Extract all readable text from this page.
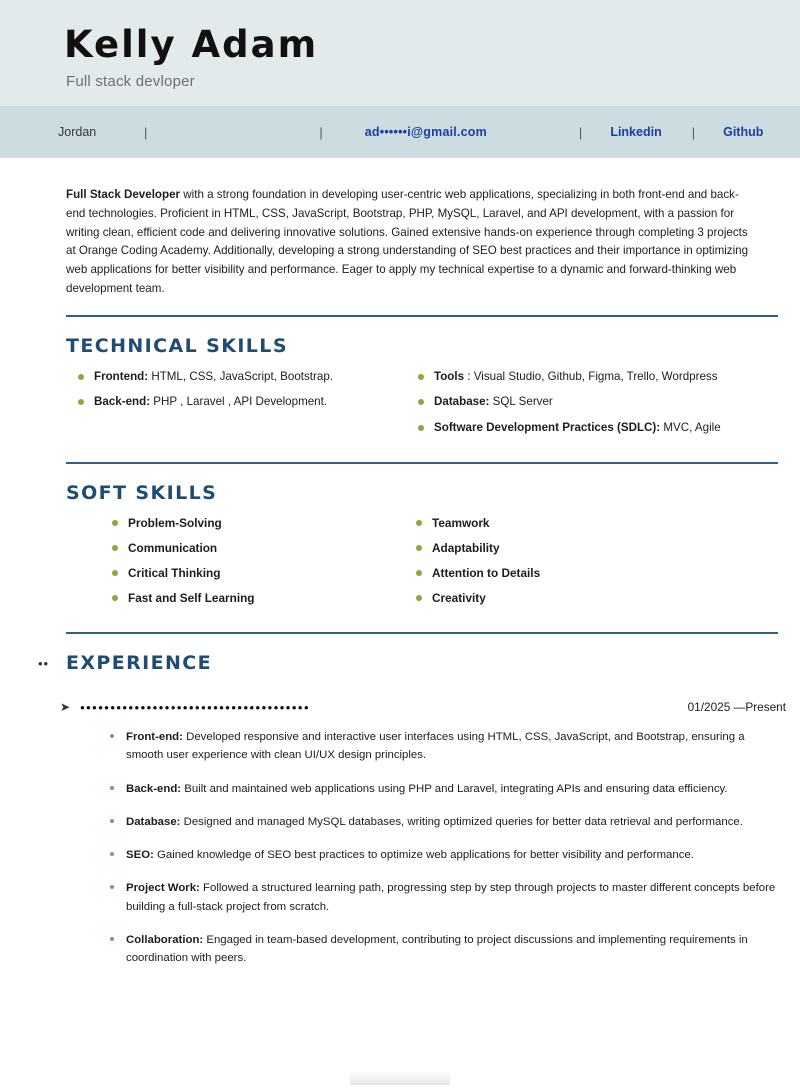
Kelly Adam
Full stack devloper
Jordan	|	|	ad••••••i@gmail.com	| Linkedin | Github
Full Stack Developer with a strong foundation in developing user-centric web applications, specializing in both front-end and back-end technologies. Proficient in HTML, CSS, JavaScript, Bootstrap, PHP, MySQL, Laravel, and API development, with a passion for writing clean, efficient code and delivering innovative solutions. Gained extensive hands-on experience through completing 3 projects at Orange Coding Academy. Additionally, developing a strong understanding of SEO best practices and their importance in optimizing web applications for better visibility and performance. Eager to apply my technical expertise to a dynamic and forward-thinking web development team.
TECHNICAL SKILLS
Frontend: HTML, CSS, JavaScript, Bootstrap.
Back-end: PHP , Laravel , API Development.
Tools : Visual Studio, Github, Figma, Trello, Wordpress
Database: SQL Server
Software Development Practices (SDLC): MVC, Agile
SOFT SKILLS
Problem-Solving
Communication
Critical Thinking
Fast and Self Learning
Teamwork
Adaptability
Attention to Details
Creativity
EXPERIENCE
➤ ••••••••••••••••••••••••••••••••••••••	01/2025 —Present
Front-end: Developed responsive and interactive user interfaces using HTML, CSS, JavaScript, and Bootstrap, ensuring a smooth user experience with clean UI/UX design principles.
Back-end: Built and maintained web applications using PHP and Laravel, integrating APIs and ensuring data efficiency.
Database: Designed and managed MySQL databases, writing optimized queries for better data retrieval and performance.
SEO: Gained knowledge of SEO best practices to optimize web applications for better visibility and performance.
Project Work: Followed a structured learning path, progressing step by step through projects to master different concepts before building a full-stack project from scratch.
Collaboration: Engaged in team-based development, contributing to project discussions and implementing requirements in coordination with peers.
••
